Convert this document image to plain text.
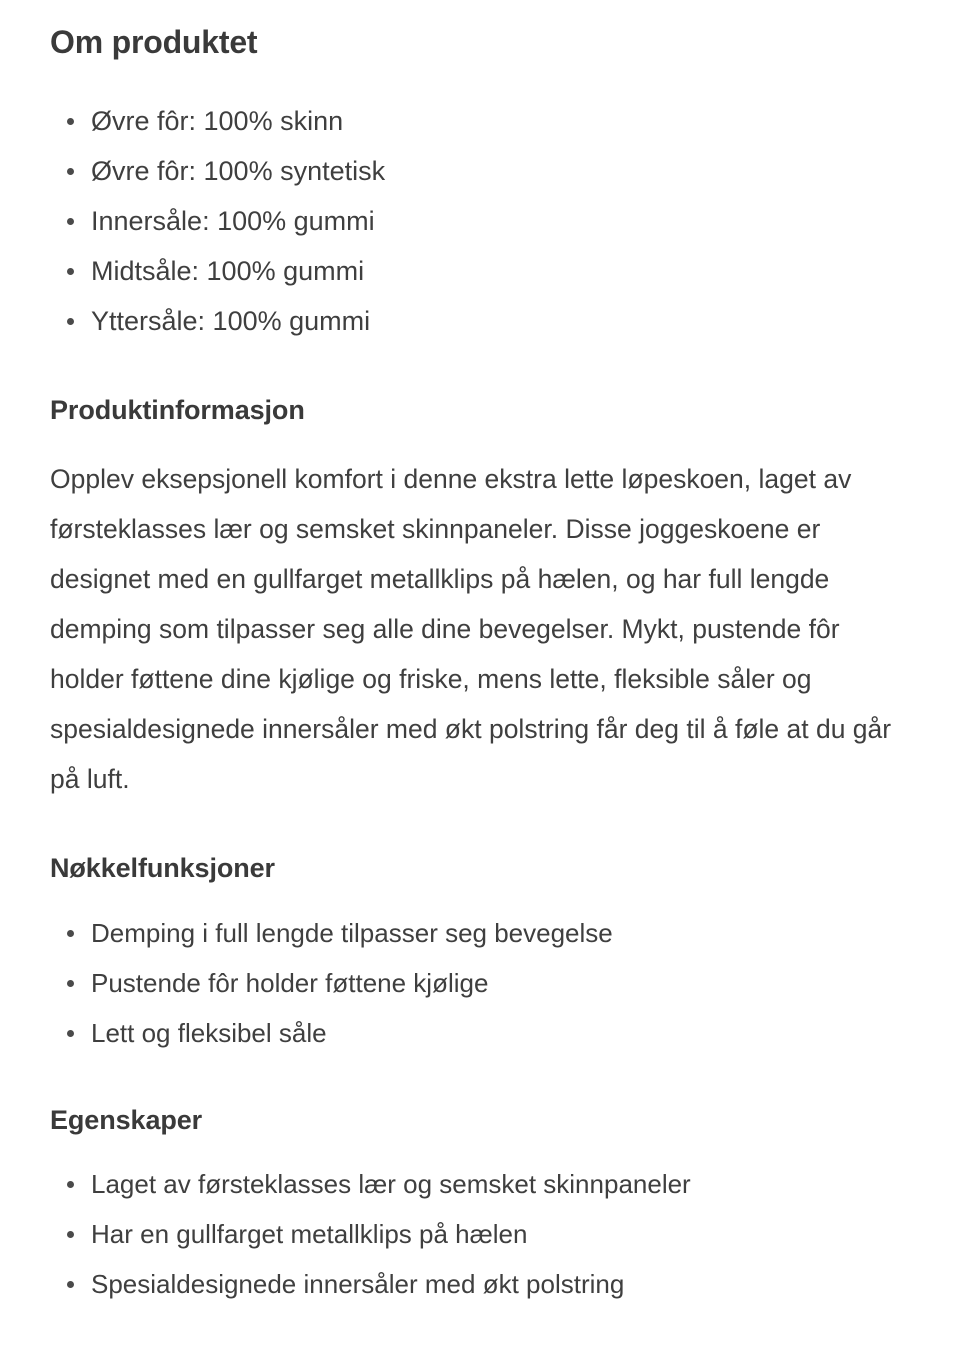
Om produktet
Øvre fôr: 100% skinn
Øvre fôr: 100% syntetisk
Innersåle: 100% gummi
Midtsåle: 100% gummi
Yttersåle: 100% gummi
Produktinformasjon

Opplev eksepsjonell komfort i denne ekstra lette løpeskoen, laget av førsteklasses lær og semsket skinnpaneler. Disse joggeskoene er designet med en gullfarget metallklips på hælen, og har full lengde demping som tilpasser seg alle dine bevegelser. Mykt, pustende fôr holder føttene dine kjølige og friske, mens lette, fleksible såler og spesialdesignede innersåler med økt polstring får deg til å føle at du går på luft.

Nøkkelfunksjoner
Demping i full lengde tilpasser seg bevegelse
Pustende fôr holder føttene kjølige
Lett og fleksibel såle
Egenskaper
Laget av førsteklasses lær og semsket skinnpaneler
Har en gullfarget metallklips på hælen
Spesialdesignede innersåler med økt polstring
